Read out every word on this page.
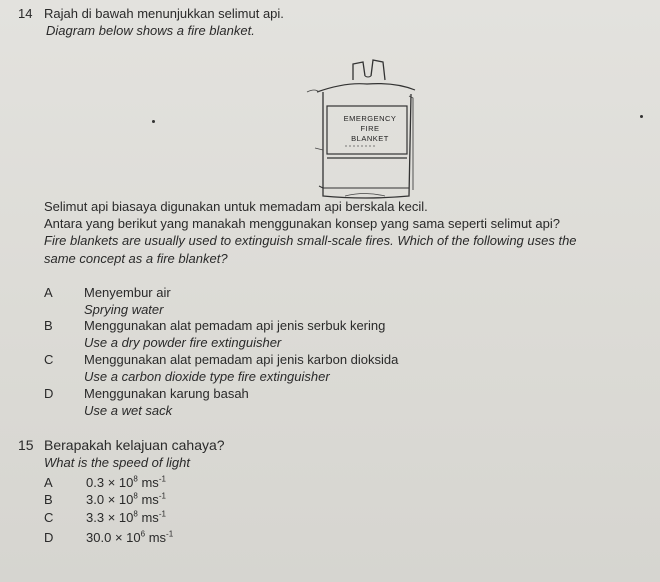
14 Rajah di bawah menunjukkan selimut api.
Diagram below shows a fire blanket.
EMERGENCY
FIRE
BLANKET
Selimut api biasaya digunakan untuk memadam api berskala kecil.
Antara yang berikut yang manakah menggunakan konsep yang sama seperti selimut api?
Fire blankets are usually used to extinguish small-scale fires. Which of the following uses the
same concept as a fire blanket?
A Menyembur air
Sprying water
B Menggunakan alat pemadam api jenis serbuk kering
Use a dry powder fire extinguisher
C Menggunakan alat pemadam api jenis karbon dioksida
Use a carbon dioxide type fire extinguisher
D Menggunakan karung basah
Use a wet sack
15 Berapakah kelajuan cahaya?
What is the speed of light
A	$0.3 \times 10^8$ $ms^{-1}$
B	$3.0 \times 10^8$ $ms^{-1}$
C	$3.3 \times 10^8$ $ms^{-1}$
D	$30.0 \times 10^6$ $ms^{-1}$
